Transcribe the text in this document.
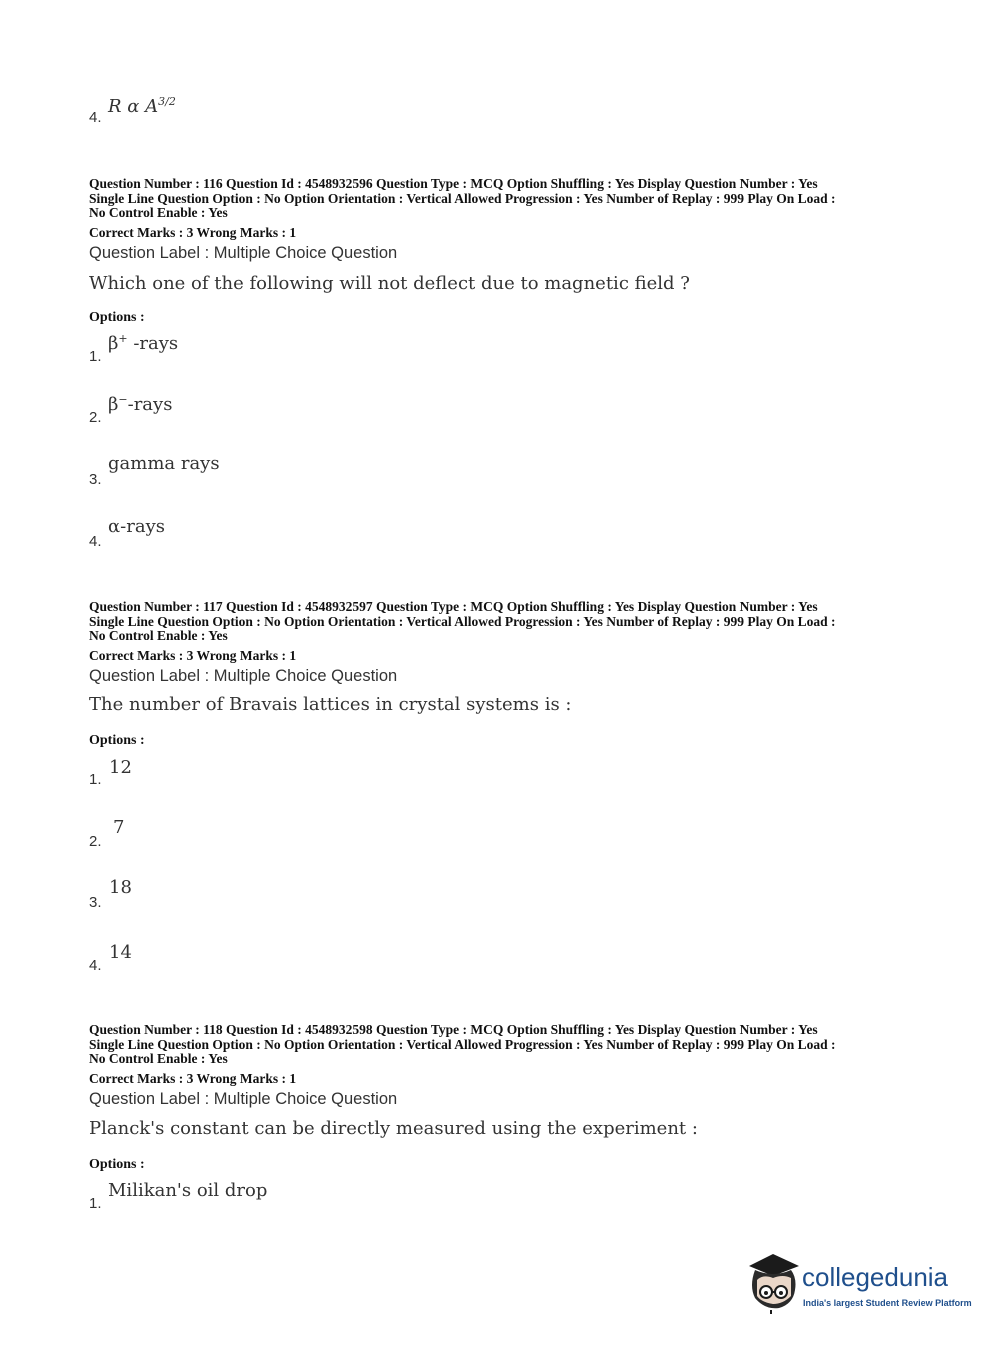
4.
R α $A^{3/2}$
Question Number : 116 Question Id : 4548932596 Question Type : MCQ Option Shuffling : Yes Display Question Number : Yes
Single Line Question Option : No Option Orientation : Vertical Allowed Progression : Yes Number of Replay : 999 Play On Load :
No Control Enable : Yes
Correct Marks : 3 Wrong Marks : 1
Question Label : Multiple Choice Question
Which one of the following will not deflect due to magnetic field ?
Options :
1.
β+ -rays
2.
β−-rays
3.
gamma rays
4.
α-rays
Question Number : 117 Question Id : 4548932597 Question Type : MCQ Option Shuffling : Yes Display Question Number : Yes
Single Line Question Option : No Option Orientation : Vertical Allowed Progression : Yes Number of Replay : 999 Play On Load :
No Control Enable : Yes
Correct Marks : 3 Wrong Marks : 1
Question Label : Multiple Choice Question
The number of Bravais lattices in crystal systems is :
Options :
1.
12
2.
7
3.
18
4.
14
Question Number : 118 Question Id : 4548932598 Question Type : MCQ Option Shuffling : Yes Display Question Number : Yes
Single Line Question Option : No Option Orientation : Vertical Allowed Progression : Yes Number of Replay : 999 Play On Load :
No Control Enable : Yes
Correct Marks : 3 Wrong Marks : 1
Question Label : Multiple Choice Question
Planck's constant can be directly measured using the experiment :
Options :
1.
Milikan's oil drop
collegedunia
India's largest Student Review Platform
